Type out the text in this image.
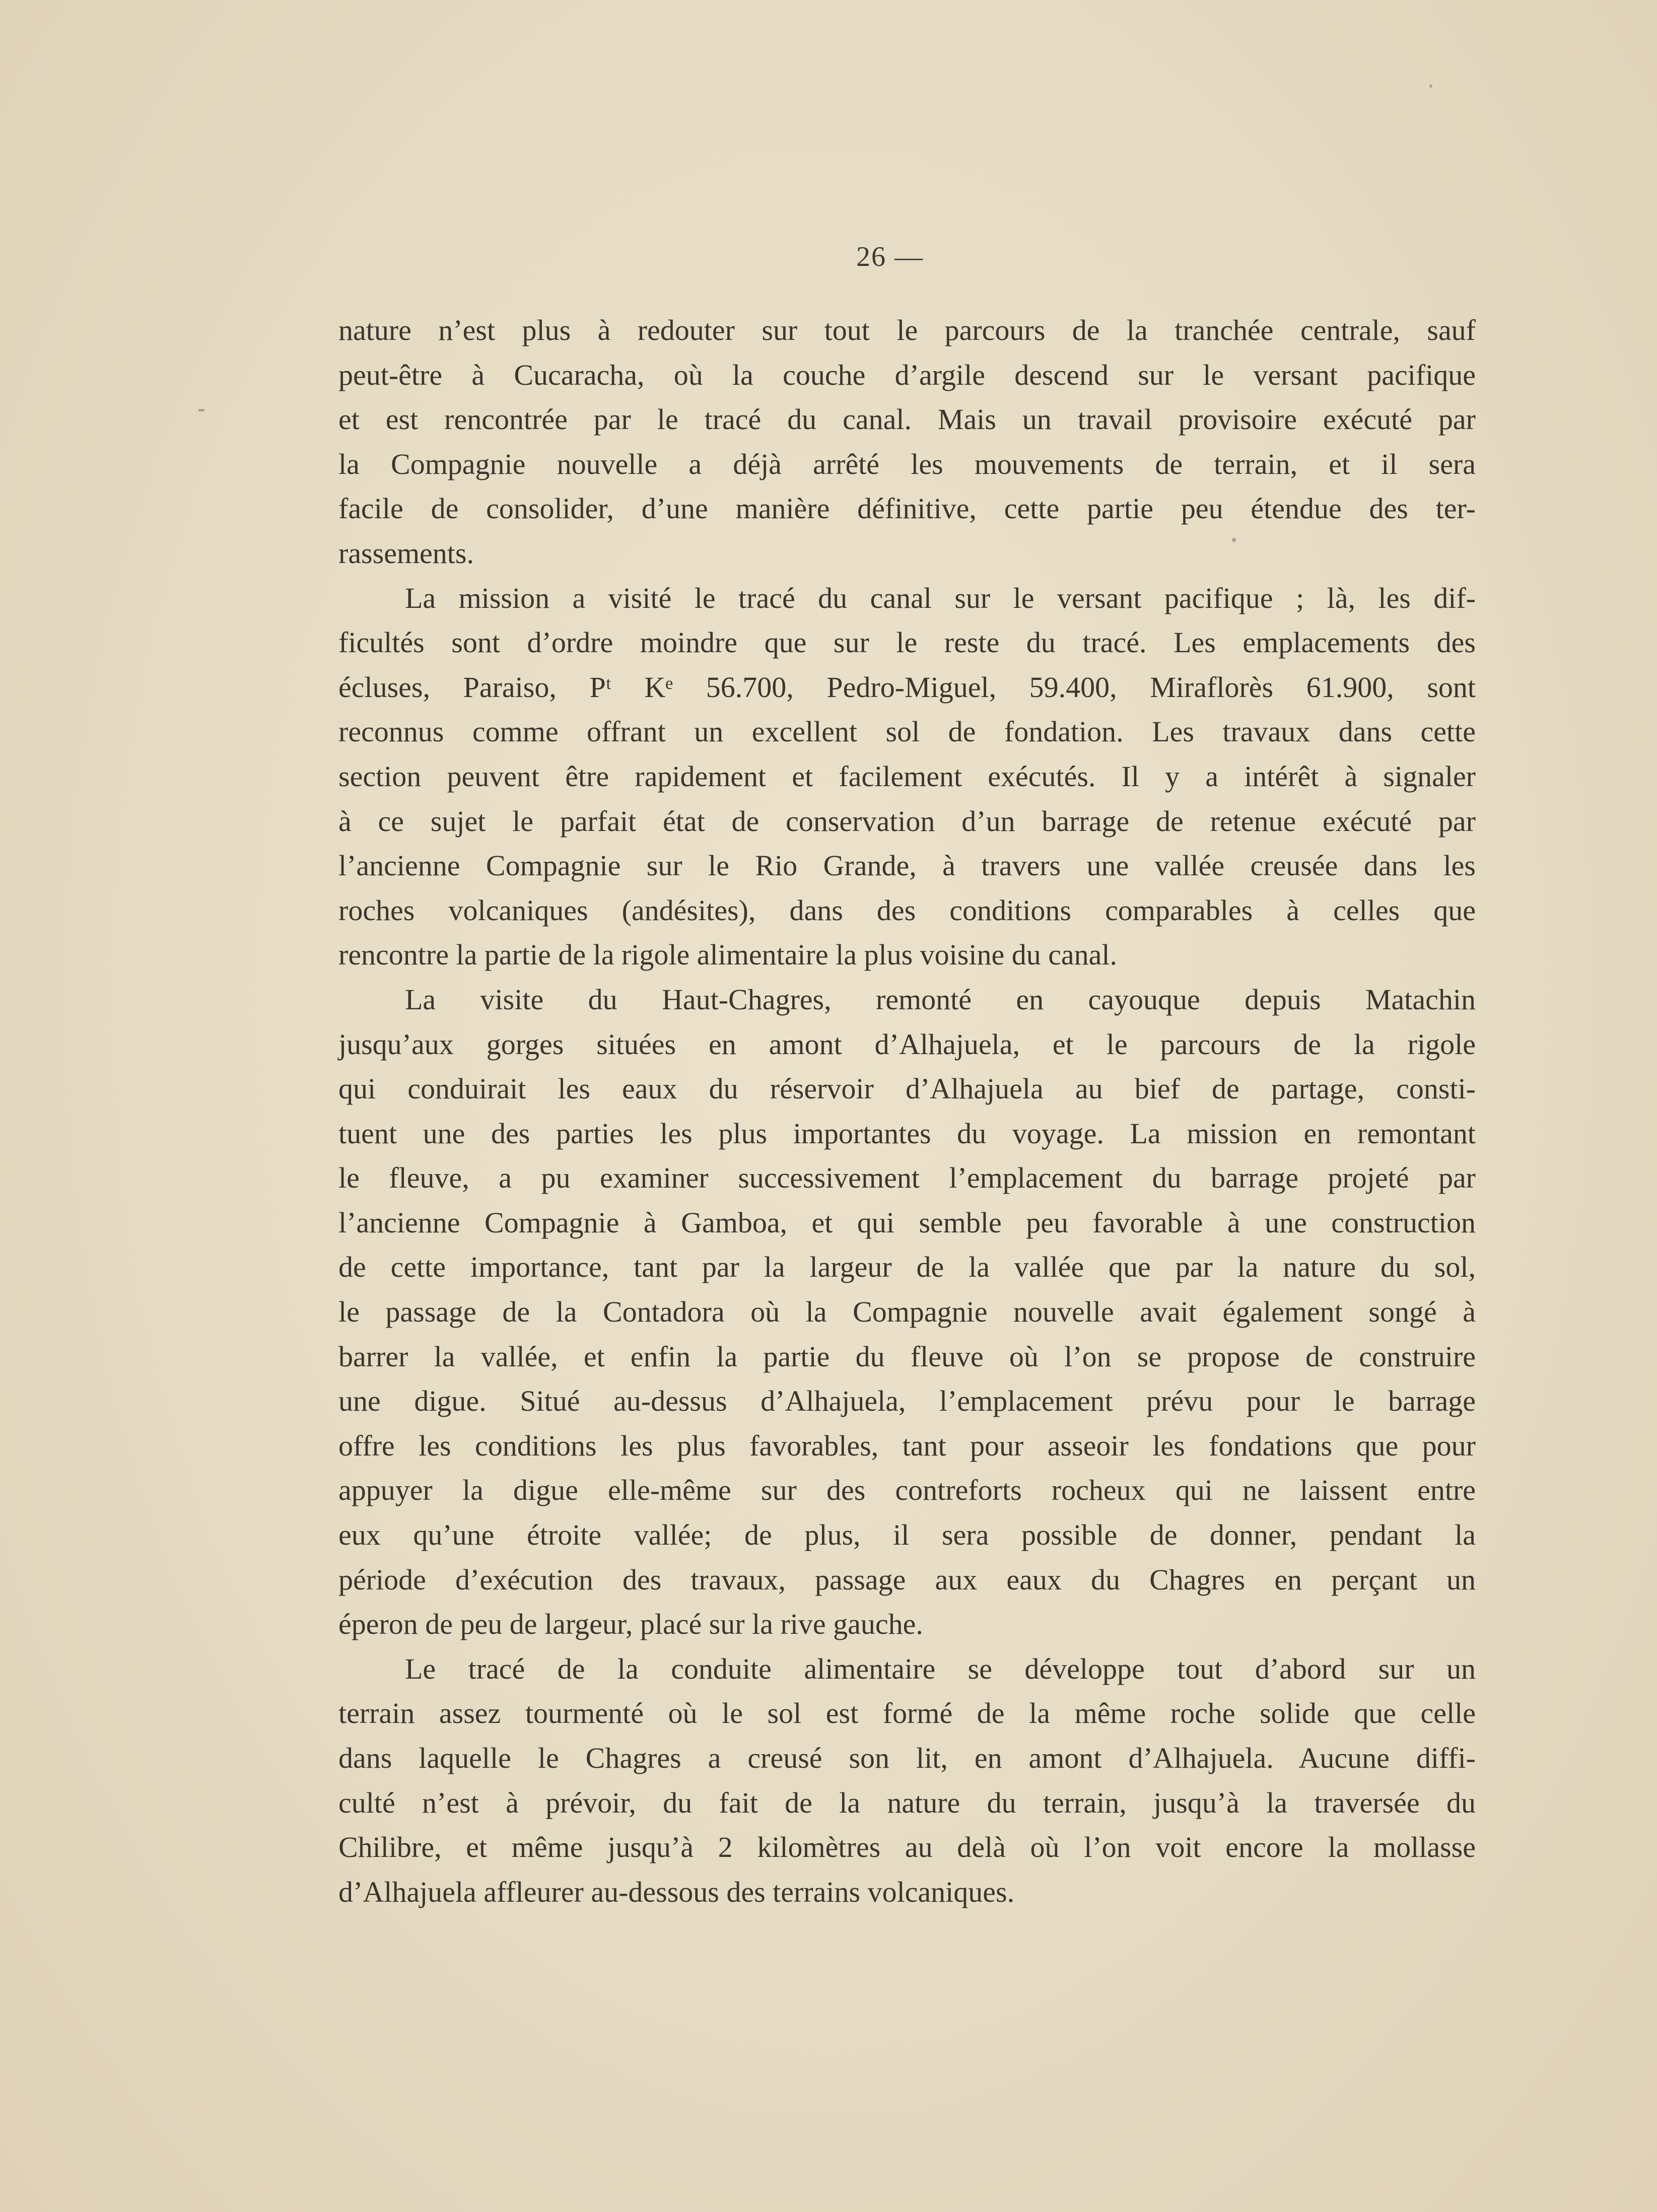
26 —
nature n’est plus à redouter sur tout le parcours de la tranchée centrale, sauf
peut-être à Cucaracha, où la couche d’argile descend sur le versant pacifique
et est rencontrée par le tracé du canal. Mais un travail provisoire exécuté par
la Compagnie nouvelle a déjà arrêté les mouvements de terrain, et il sera
facile de consolider, d’une manière définitive, cette partie peu étendue des ter-
rassements.
La mission a visité le tracé du canal sur le versant pacifique ; là, les dif-
ficultés sont d’ordre moindre que sur le reste du tracé. Les emplacements des
écluses, Paraiso, Pᵗ Kᵉ 56.700, Pedro-Miguel, 59.400, Miraflorès 61.900, sont
reconnus comme offrant un excellent sol de fondation. Les travaux dans cette
section peuvent être rapidement et facilement exécutés. Il y a intérêt à signaler
à ce sujet le parfait état de conservation d’un barrage de retenue exécuté par
l’ancienne Compagnie sur le Rio Grande, à travers une vallée creusée dans les
roches volcaniques (andésites), dans des conditions comparables à celles que
rencontre la partie de la rigole alimentaire la plus voisine du canal.
La visite du Haut-Chagres, remonté en cayouque depuis Matachin
jusqu’aux gorges situées en amont d’Alhajuela, et le parcours de la rigole
qui conduirait les eaux du réservoir d’Alhajuela au bief de partage, consti-
tuent une des parties les plus importantes du voyage. La mission en remontant
le fleuve, a pu examiner successivement l’emplacement du barrage projeté par
l’ancienne Compagnie à Gamboa, et qui semble peu favorable à une construction
de cette importance, tant par la largeur de la vallée que par la nature du sol,
le passage de la Contadora où la Compagnie nouvelle avait également songé à
barrer la vallée, et enfin la partie du fleuve où l’on se propose de construire
une digue. Situé au-dessus d’Alhajuela, l’emplacement prévu pour le barrage
offre les conditions les plus favorables, tant pour asseoir les fondations que pour
appuyer la digue elle-même sur des contreforts rocheux qui ne laissent entre
eux qu’une étroite vallée; de plus, il sera possible de donner, pendant la
période d’exécution des travaux, passage aux eaux du Chagres en perçant un
éperon de peu de largeur, placé sur la rive gauche.
Le tracé de la conduite alimentaire se développe tout d’abord sur un
terrain assez tourmenté où le sol est formé de la même roche solide que celle
dans laquelle le Chagres a creusé son lit, en amont d’Alhajuela. Aucune diffi-
culté n’est à prévoir, du fait de la nature du terrain, jusqu’à la traversée du
Chilibre, et même jusqu’à 2 kilomètres au delà où l’on voit encore la mollasse
d’Alhajuela affleurer au-dessous des terrains volcaniques.
